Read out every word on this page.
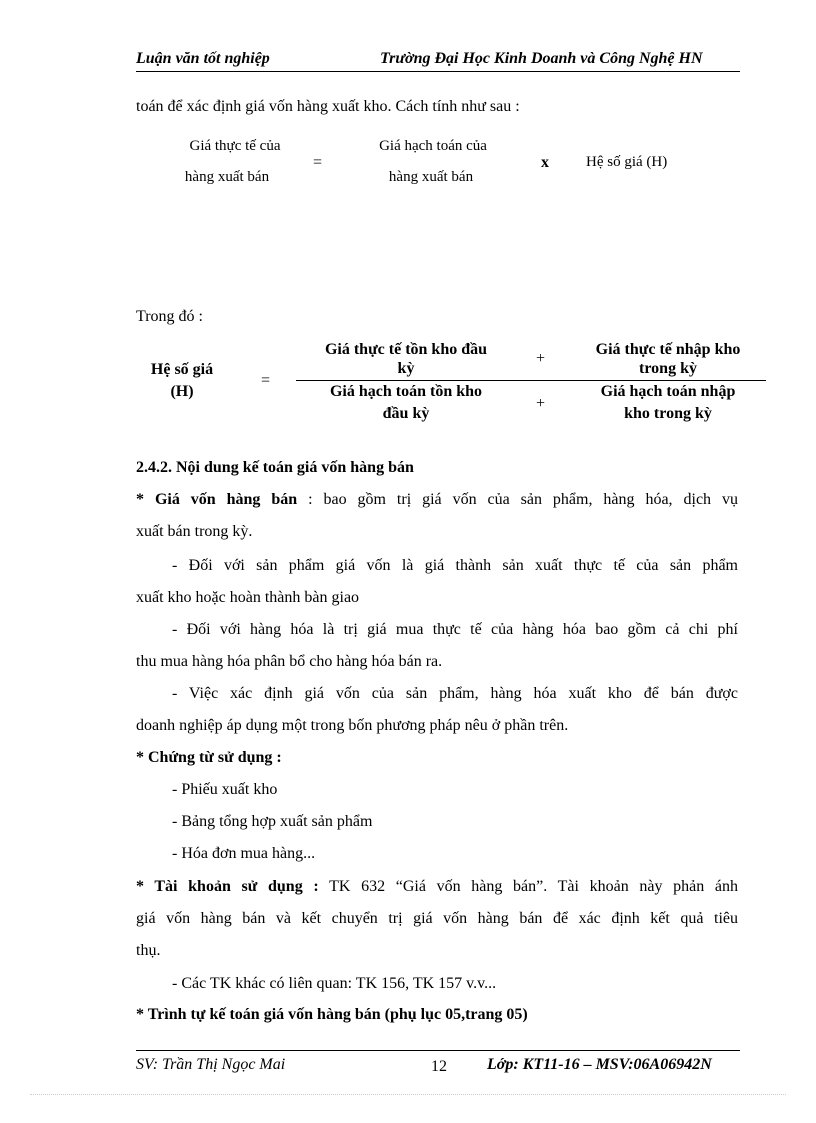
Luận văn tốt nghiệp	Trường Đại Học Kinh Doanh và Công Nghệ HN
toán để xác định giá vốn hàng xuất kho. Cách tính như sau :
Giá thực tế của
hàng xuất bán
=
Giá hạch toán của
hàng xuất bán
x Hệ số giá (H)
Trong đó :
Hệ số giá
(H)
=
Giá thực tế tồn kho đầu
kỳ
+
Giá thực tế nhập kho
trong kỳ
Giá hạch toán tồn kho
đầu kỳ
+
Giá hạch toán nhập
kho trong kỳ
2.4.2. Nội dung kế toán giá vốn hàng bán
* Giá vốn hàng bán : bao gồm trị giá vốn của sản phẩm, hàng hóa, dịch vụ
xuất bán trong kỳ.
- Đối với sản phẩm giá vốn là giá thành sản xuất thực tế của sản phẩm
xuất kho hoặc hoàn thành bàn giao
- Đối với hàng hóa là trị giá mua thực tế của hàng hóa bao gồm cả chi phí
thu mua hàng hóa phân bổ cho hàng hóa bán ra.
- Việc xác định giá vốn của sản phẩm, hàng hóa xuất kho để bán được
doanh nghiệp áp dụng một trong bốn phương pháp nêu ở phần trên.
* Chứng từ sử dụng :
- Phiếu xuất kho
- Bảng tổng hợp xuất sản phẩm
- Hóa đơn mua hàng...
* Tài khoản sử dụng : TK 632 “Giá vốn hàng bán”. Tài khoản này phản ánh
giá vốn hàng bán và kết chuyển trị giá vốn hàng bán để xác định kết quả tiêu
thụ.
- Các TK khác có liên quan: TK 156, TK 157 v.v...
* Trình tự kế toán giá vốn hàng bán (phụ lục 05,trang 05)
SV: Trần Thị Ngọc Mai	12	Lớp: KT11-16 – MSV:06A06942N
